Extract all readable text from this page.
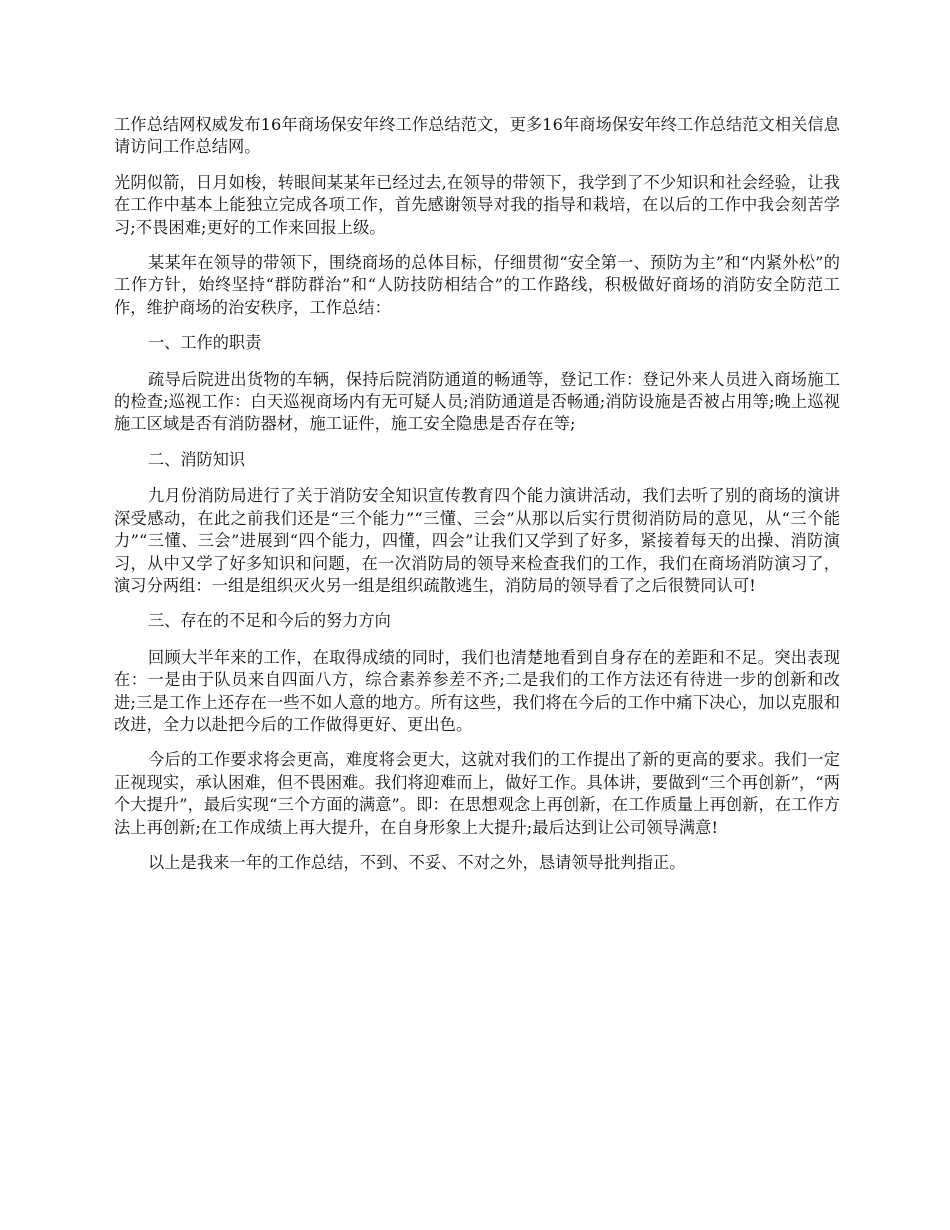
工作总结网权威发布16年商场保安年终工作总结范文，更多16年商场保安年终工作总结范文相关信息请访问工作总结网。

光阴似箭，日月如梭，转眼间某某年已经过去,在领导的带领下，我学到了不少知识和社会经验，让我在工作中基本上能独立完成各项工作，首先感谢领导对我的指导和栽培，在以后的工作中我会刻苦学习;不畏困难;更好的工作来回报上级。

某某年在领导的带领下，围绕商场的总体目标，仔细贯彻“安全第一、预防为主”和“内紧外松”的工作方针，始终坚持“群防群治”和“人防技防相结合”的工作路线，积极做好商场的消防安全防范工作，维护商场的治安秩序，工作总结：

一、工作的职责

疏导后院进出货物的车辆，保持后院消防通道的畅通等，登记工作：登记外来人员进入商场施工的检查;巡视工作：白天巡视商场内有无可疑人员;消防通道是否畅通;消防设施是否被占用等;晚上巡视施工区域是否有消防器材，施工证件，施工安全隐患是否存在等;

二、消防知识

九月份消防局进行了关于消防安全知识宣传教育四个能力演讲活动，我们去听了别的商场的演讲深受感动，在此之前我们还是“三个能力”“三懂、三会”从那以后实行贯彻消防局的意见，从“三个能力”“三懂、三会”进展到“四个能力，四懂，四会”让我们又学到了好多，紧接着每天的出操、消防演习，从中又学了好多知识和问题，在一次消防局的领导来检查我们的工作，我们在商场消防演习了，演习分两组：一组是组织灭火另一组是组织疏散逃生，消防局的领导看了之后很赞同认可!

三、存在的不足和今后的努力方向

回顾大半年来的工作，在取得成绩的同时，我们也清楚地看到自身存在的差距和不足。突出表现在：一是由于队员来自四面八方，综合素养参差不齐;二是我们的工作方法还有待进一步的创新和改进;三是工作上还存在一些不如人意的地方。所有这些，我们将在今后的工作中痛下决心，加以克服和改进，全力以赴把今后的工作做得更好、更出色。

今后的工作要求将会更高，难度将会更大，这就对我们的工作提出了新的更高的要求。我们一定正视现实，承认困难，但不畏困难。我们将迎难而上，做好工作。具体讲，要做到“三个再创新”，“两个大提升”，最后实现“三个方面的满意”。即：在思想观念上再创新，在工作质量上再创新，在工作方法上再创新;在工作成绩上再大提升，在自身形象上大提升;最后达到让公司领导满意!

以上是我来一年的工作总结，不到、不妥、不对之外，恳请领导批判指正。
